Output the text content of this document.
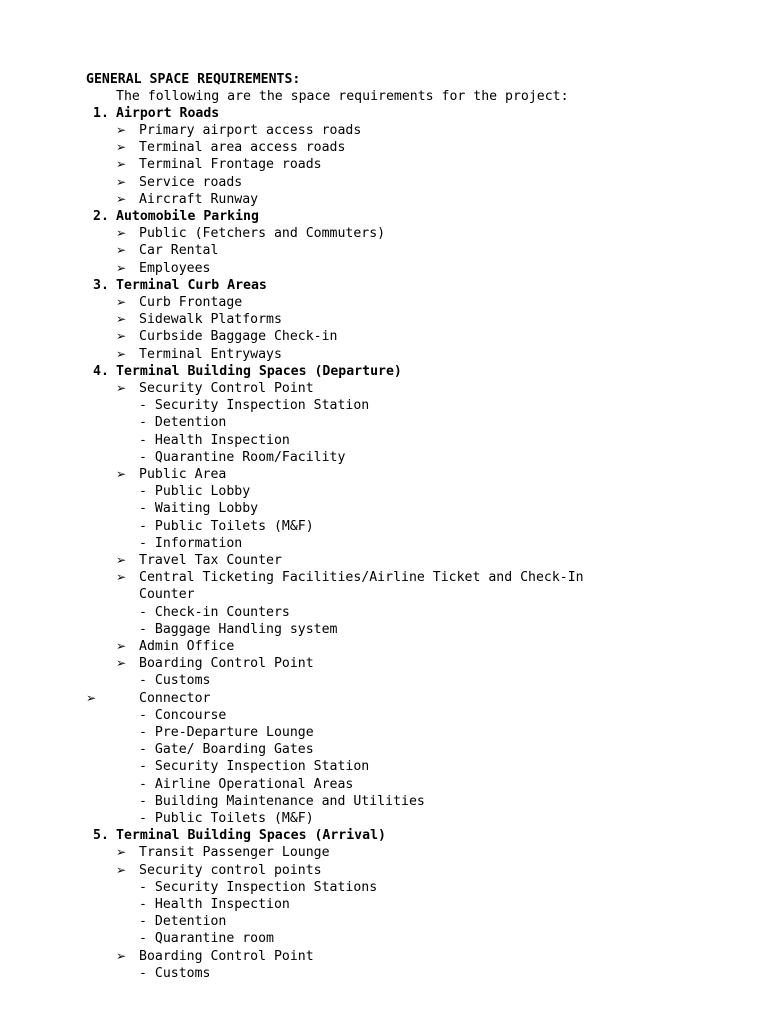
GENERAL SPACE REQUIREMENTS:
The following are the space requirements for the project:
1. Airport Roads
➢ Primary airport access roads
➢ Terminal area access roads
➢ Terminal Frontage roads
➢ Service roads
➢ Aircraft Runway
2. Automobile Parking
➢ Public (Fetchers and Commuters)
➢ Car Rental
➢ Employees
3. Terminal Curb Areas
➢ Curb Frontage
➢ Sidewalk Platforms
➢ Curbside Baggage Check-in
➢ Terminal Entryways
4. Terminal Building Spaces (Departure)
➢ Security Control Point
- Security Inspection Station
- Detention
- Health Inspection
- Quarantine Room/Facility
➢ Public Area
- Public Lobby
- Waiting Lobby
- Public Toilets (M&F)
- Information
➢ Travel Tax Counter
➢ Central Ticketing Facilities/Airline Ticket and Check-In
Counter
- Check-in Counters
- Baggage Handling system
➢ Admin Office
➢ Boarding Control Point
- Customs
➢	Connector
- Concourse
- Pre-Departure Lounge
- Gate/ Boarding Gates
- Security Inspection Station
- Airline Operational Areas
- Building Maintenance and Utilities
- Public Toilets (M&F)
5. Terminal Building Spaces (Arrival)
➢ Transit Passenger Lounge
➢ Security control points
- Security Inspection Stations
- Health Inspection
- Detention
- Quarantine room
➢ Boarding Control Point
- Customs
